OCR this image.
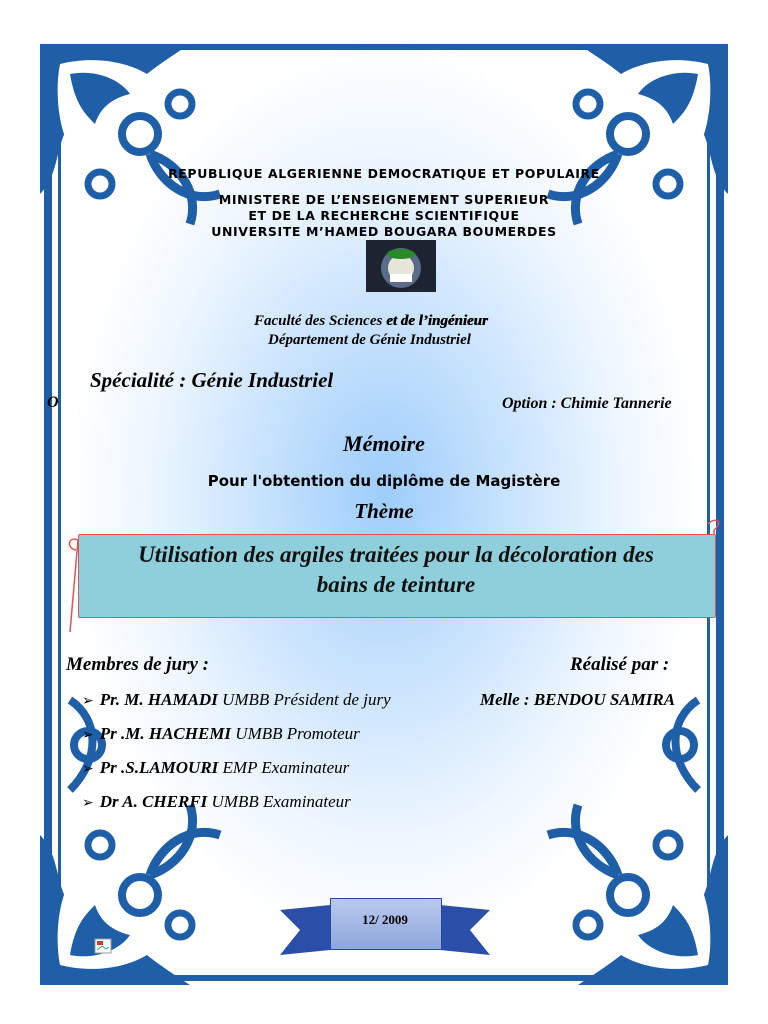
REPUBLIQUE ALGERIENNE DEMOCRATIQUE ET POPULAIRE
MINISTERE DE L’ENSEIGNEMENT SUPERIEUR
ET DE LA RECHERCHE SCIENTIFIQUE
UNIVERSITE M’HAMED BOUGARA BOUMERDES
Faculté des Sciences et de l’ingénieur
Département de Génie Industriel
Spécialité : Génie Industriel
O	Option : Chimie Tannerie
Mémoire
Pour l'obtention du diplôme de Magistère
Thème
Utilisation des argiles traitées pour la décoloration des
bains de teinture
Membres de jury :	Réalisé par :
➢ Pr. M. HAMADI UMBB Président de jury	Melle : BENDOU SAMIRA
➢ Pr .M. HACHEMI UMBB Promoteur
➢ Pr .S.LAMOURI EMP Examinateur
➢ Dr A. CHERFI UMBB Examinateur
12/ 2009
